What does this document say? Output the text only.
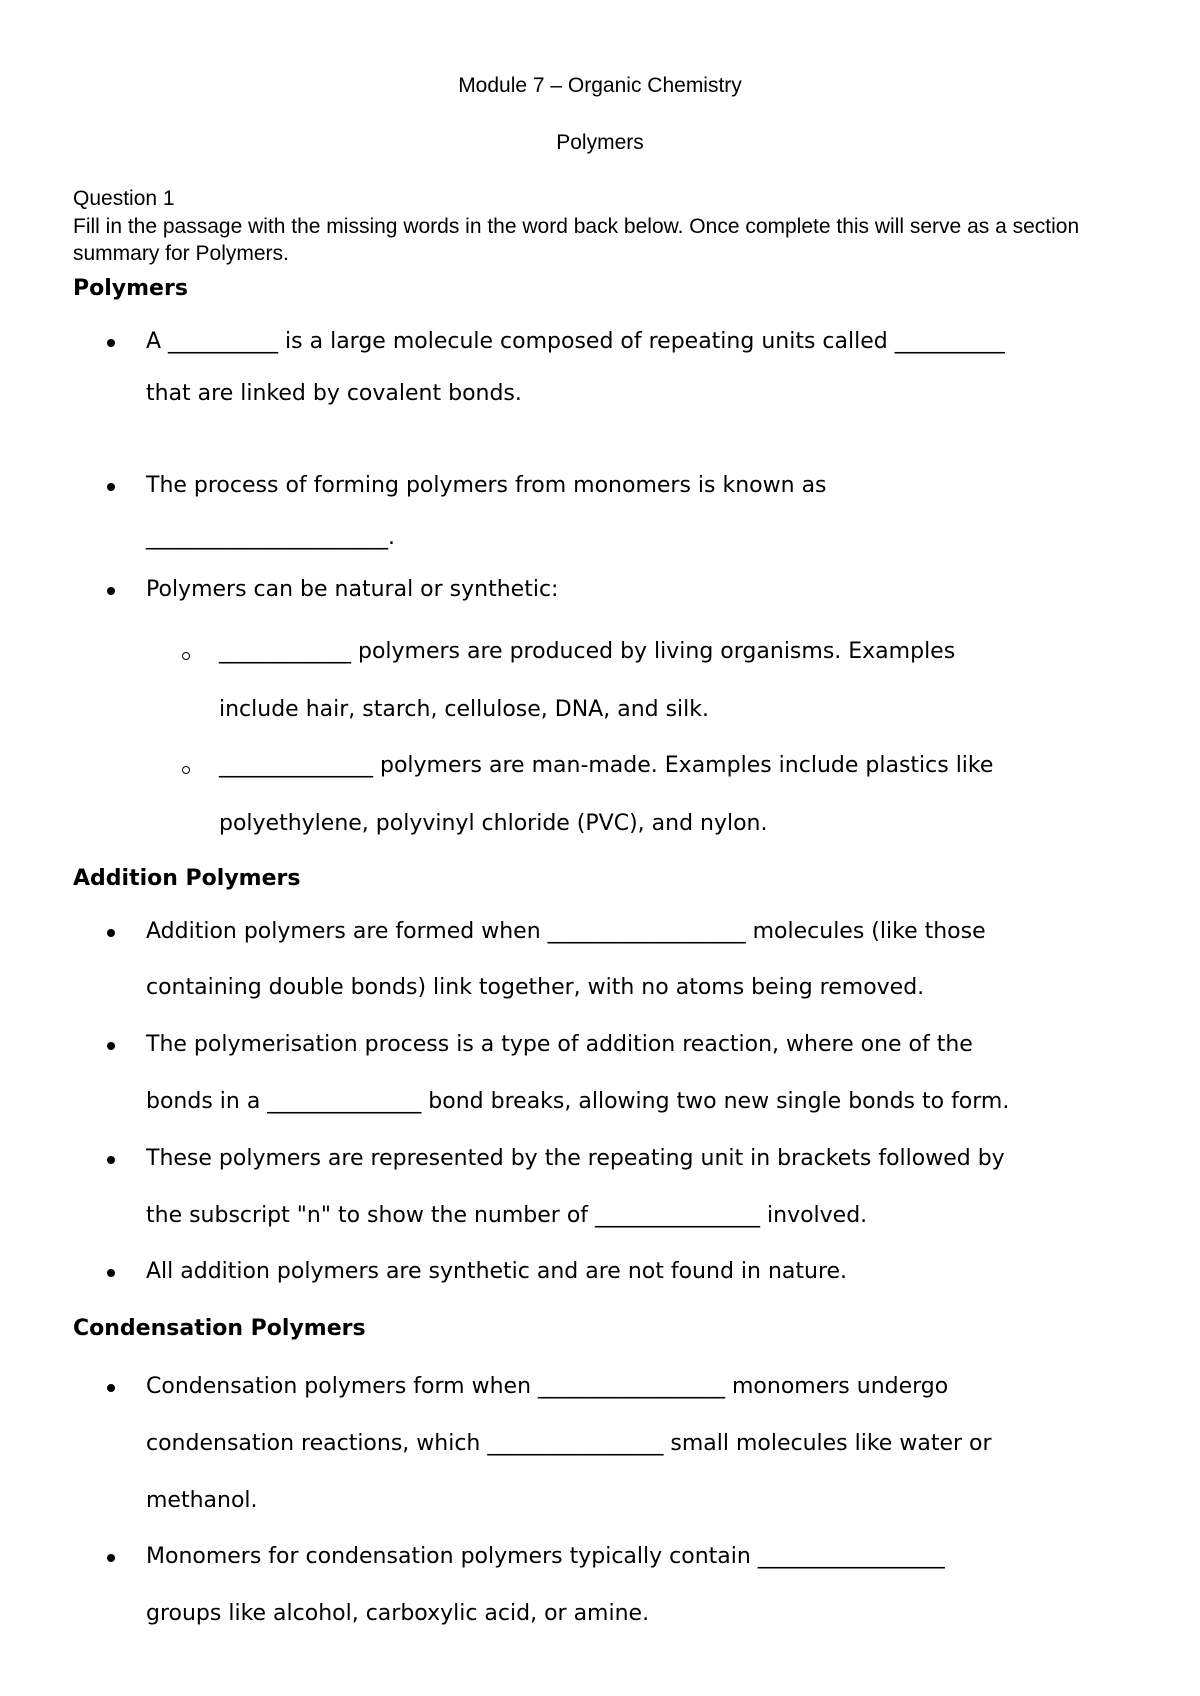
Module 7 – Organic Chemistry
Polymers
Question 1
Fill in the passage with the missing words in the word back below. Once complete this will serve as a section summary for Polymers.
Polymers
A __________ is a large molecule composed of repeating units called __________
that are linked by covalent bonds.
The process of forming polymers from monomers is known as
______________________.
Polymers can be natural or synthetic:
____________ polymers are produced by living organisms. Examples
include hair, starch, cellulose, DNA, and silk.
______________ polymers are man-made. Examples include plastics like
polyethylene, polyvinyl chloride (PVC), and nylon.
Addition Polymers
Addition polymers are formed when __________________ molecules (like those
containing double bonds) link together, with no atoms being removed.
The polymerisation process is a type of addition reaction, where one of the
bonds in a ______________ bond breaks, allowing two new single bonds to form.
These polymers are represented by the repeating unit in brackets followed by
the subscript "n" to show the number of _______________ involved.
All addition polymers are synthetic and are not found in nature.
Condensation Polymers
Condensation polymers form when _________________ monomers undergo
condensation reactions, which ________________ small molecules like water or
methanol.
Monomers for condensation polymers typically contain _________________
groups like alcohol, carboxylic acid, or amine.
